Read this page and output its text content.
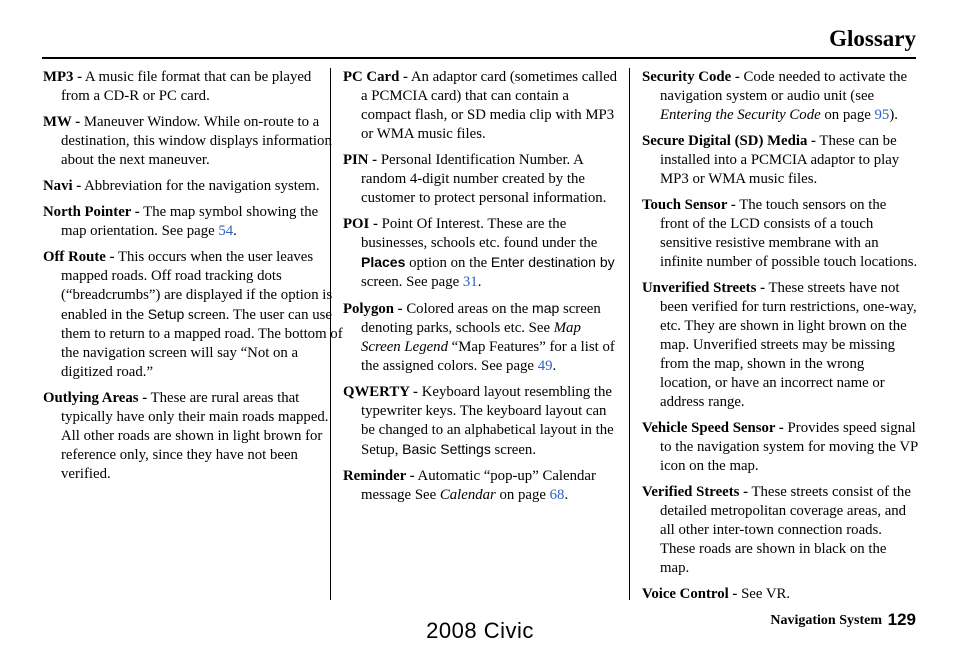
Glossary

MP3 - A music file format that can be played from a CD-R or PC card.

MW - Maneuver Window. While on-route to a destination, this window displays information about the next maneuver.

Navi - Abbreviation for the navigation system.

North Pointer - The map symbol showing the map orientation. See page 54.

Off Route - This occurs when the user leaves mapped roads. Off road tracking dots (“breadcrumbs”) are displayed if the option is enabled in the Setup screen. The user can use them to return to a mapped road. The bottom of the navigation screen will say “Not on a digitized road.”

Outlying Areas - These are rural areas that typically have only their main roads mapped. All other roads are shown in light brown for reference only, since they have not been verified.

PC Card - An adaptor card (sometimes called a PCMCIA card) that can contain a compact flash, or SD media clip with MP3 or WMA music files.

PIN - Personal Identification Number. A random 4-digit number created by the customer to protect personal information.

POI - Point Of Interest. These are the businesses, schools etc. found under the Places option on the Enter destination by screen. See page 31.

Polygon - Colored areas on the map screen denoting parks, schools etc. See Map Screen Legend “Map Features” for a list of the assigned colors. See page 49.

QWERTY - Keyboard layout resembling the typewriter keys. The keyboard layout can be changed to an alphabetical layout in the Setup, Basic Settings screen.

Reminder - Automatic “pop-up” Calendar message See Calendar on page 68.

Security Code - Code needed to activate the navigation system or audio unit (see Entering the Security Code on page 95).

Secure Digital (SD) Media - These can be installed into a PCMCIA adaptor to play MP3 or WMA music files.

Touch Sensor - The touch sensors on the front of the LCD consists of a touch sensitive resistive membrane with an infinite number of possible touch locations.

Unverified Streets - These streets have not been verified for turn restrictions, one-way, etc. They are shown in light brown on the map. Unverified streets may be missing from the map, shown in the wrong location, or have an incorrect name or address range.

Vehicle Speed Sensor - Provides speed signal to the navigation system for moving the VP icon on the map.

Verified Streets - These streets consist of the detailed metropolitan coverage areas, and all other inter-town connection roads. These roads are shown in black on the map.

Voice Control - See VR.

Navigation System 129
2008 Civic
